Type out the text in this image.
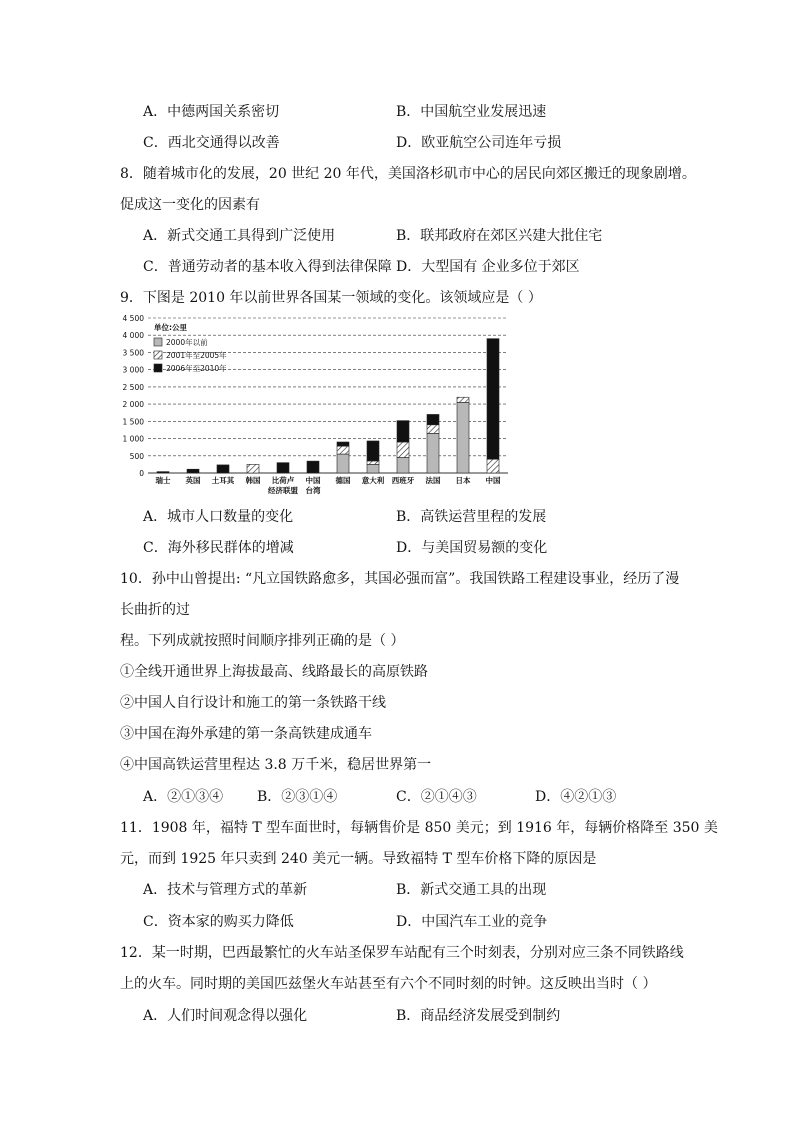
A．中德两国关系密切	B．中国航空业发展迅速
C．西北交通得以改善	D．欧亚航空公司连年亏损
8．随着城市化的发展，20 世纪 20 年代，美国洛杉矶市中心的居民向郊区搬迁的现象剧增。
促成这一变化的因素有
A．新式交通工具得到广泛使用	B．联邦政府在郊区兴建大批住宅
C．普通劳动者的基本收入得到法律保障 D．大型国有 企业多位于郊区
9．下图是 2010 年以前世界各国某一领域的变化。该领域应是（ ）
0
500
1 000
1 500
2 000
2 500
3 000
3 500
4 000
4 500
瑞士 英国 土耳其 韩国 比荷卢
经济联盟
中国
台湾
德国 意大利 西班牙 法国 日本 中国
单位:公里
2000年以前
2001年至2005年
2006年至2010年
A．城市人口数量的变化	B．高铁运营里程的发展
C．海外移民群体的增减	D．与美国贸易额的变化
10．孙中山曾提出: “凡立国铁路愈多，其国必强而富”。我国铁路工程建设事业，经历了漫
长曲折的过
程。下列成就按照时间顺序排列正确的是（ ）
①全线开通世界上海拔最高、线路最长的高原铁路
②中国人自行设计和施工的第一条铁路干线
③中国在海外承建的第一条高铁建成通车
④中国高铁运营里程达 3.8 万千米，稳居世界第一
A．②①③④ B．②③①④	C．②①④③	D．④②①③
11．1908 年，福特 T 型车面世时，每辆售价是 850 美元；到 1916 年，每辆价格降至 350 美
元，而到 1925 年只卖到 240 美元一辆。导致福特 T 型车价格下降的原因是
A．技术与管理方式的革新	B．新式交通工具的出现
C．资本家的购买力降低	D．中国汽车工业的竞争
12．某一时期，巴西最繁忙的火车站圣保罗车站配有三个时刻表，分别对应三条不同铁路线
上的火车。同时期的美国匹兹堡火车站甚至有六个不同时刻的时钟。这反映出当时（ ）
A．人们时间观念得以强化	B．商品经济发展受到制约
